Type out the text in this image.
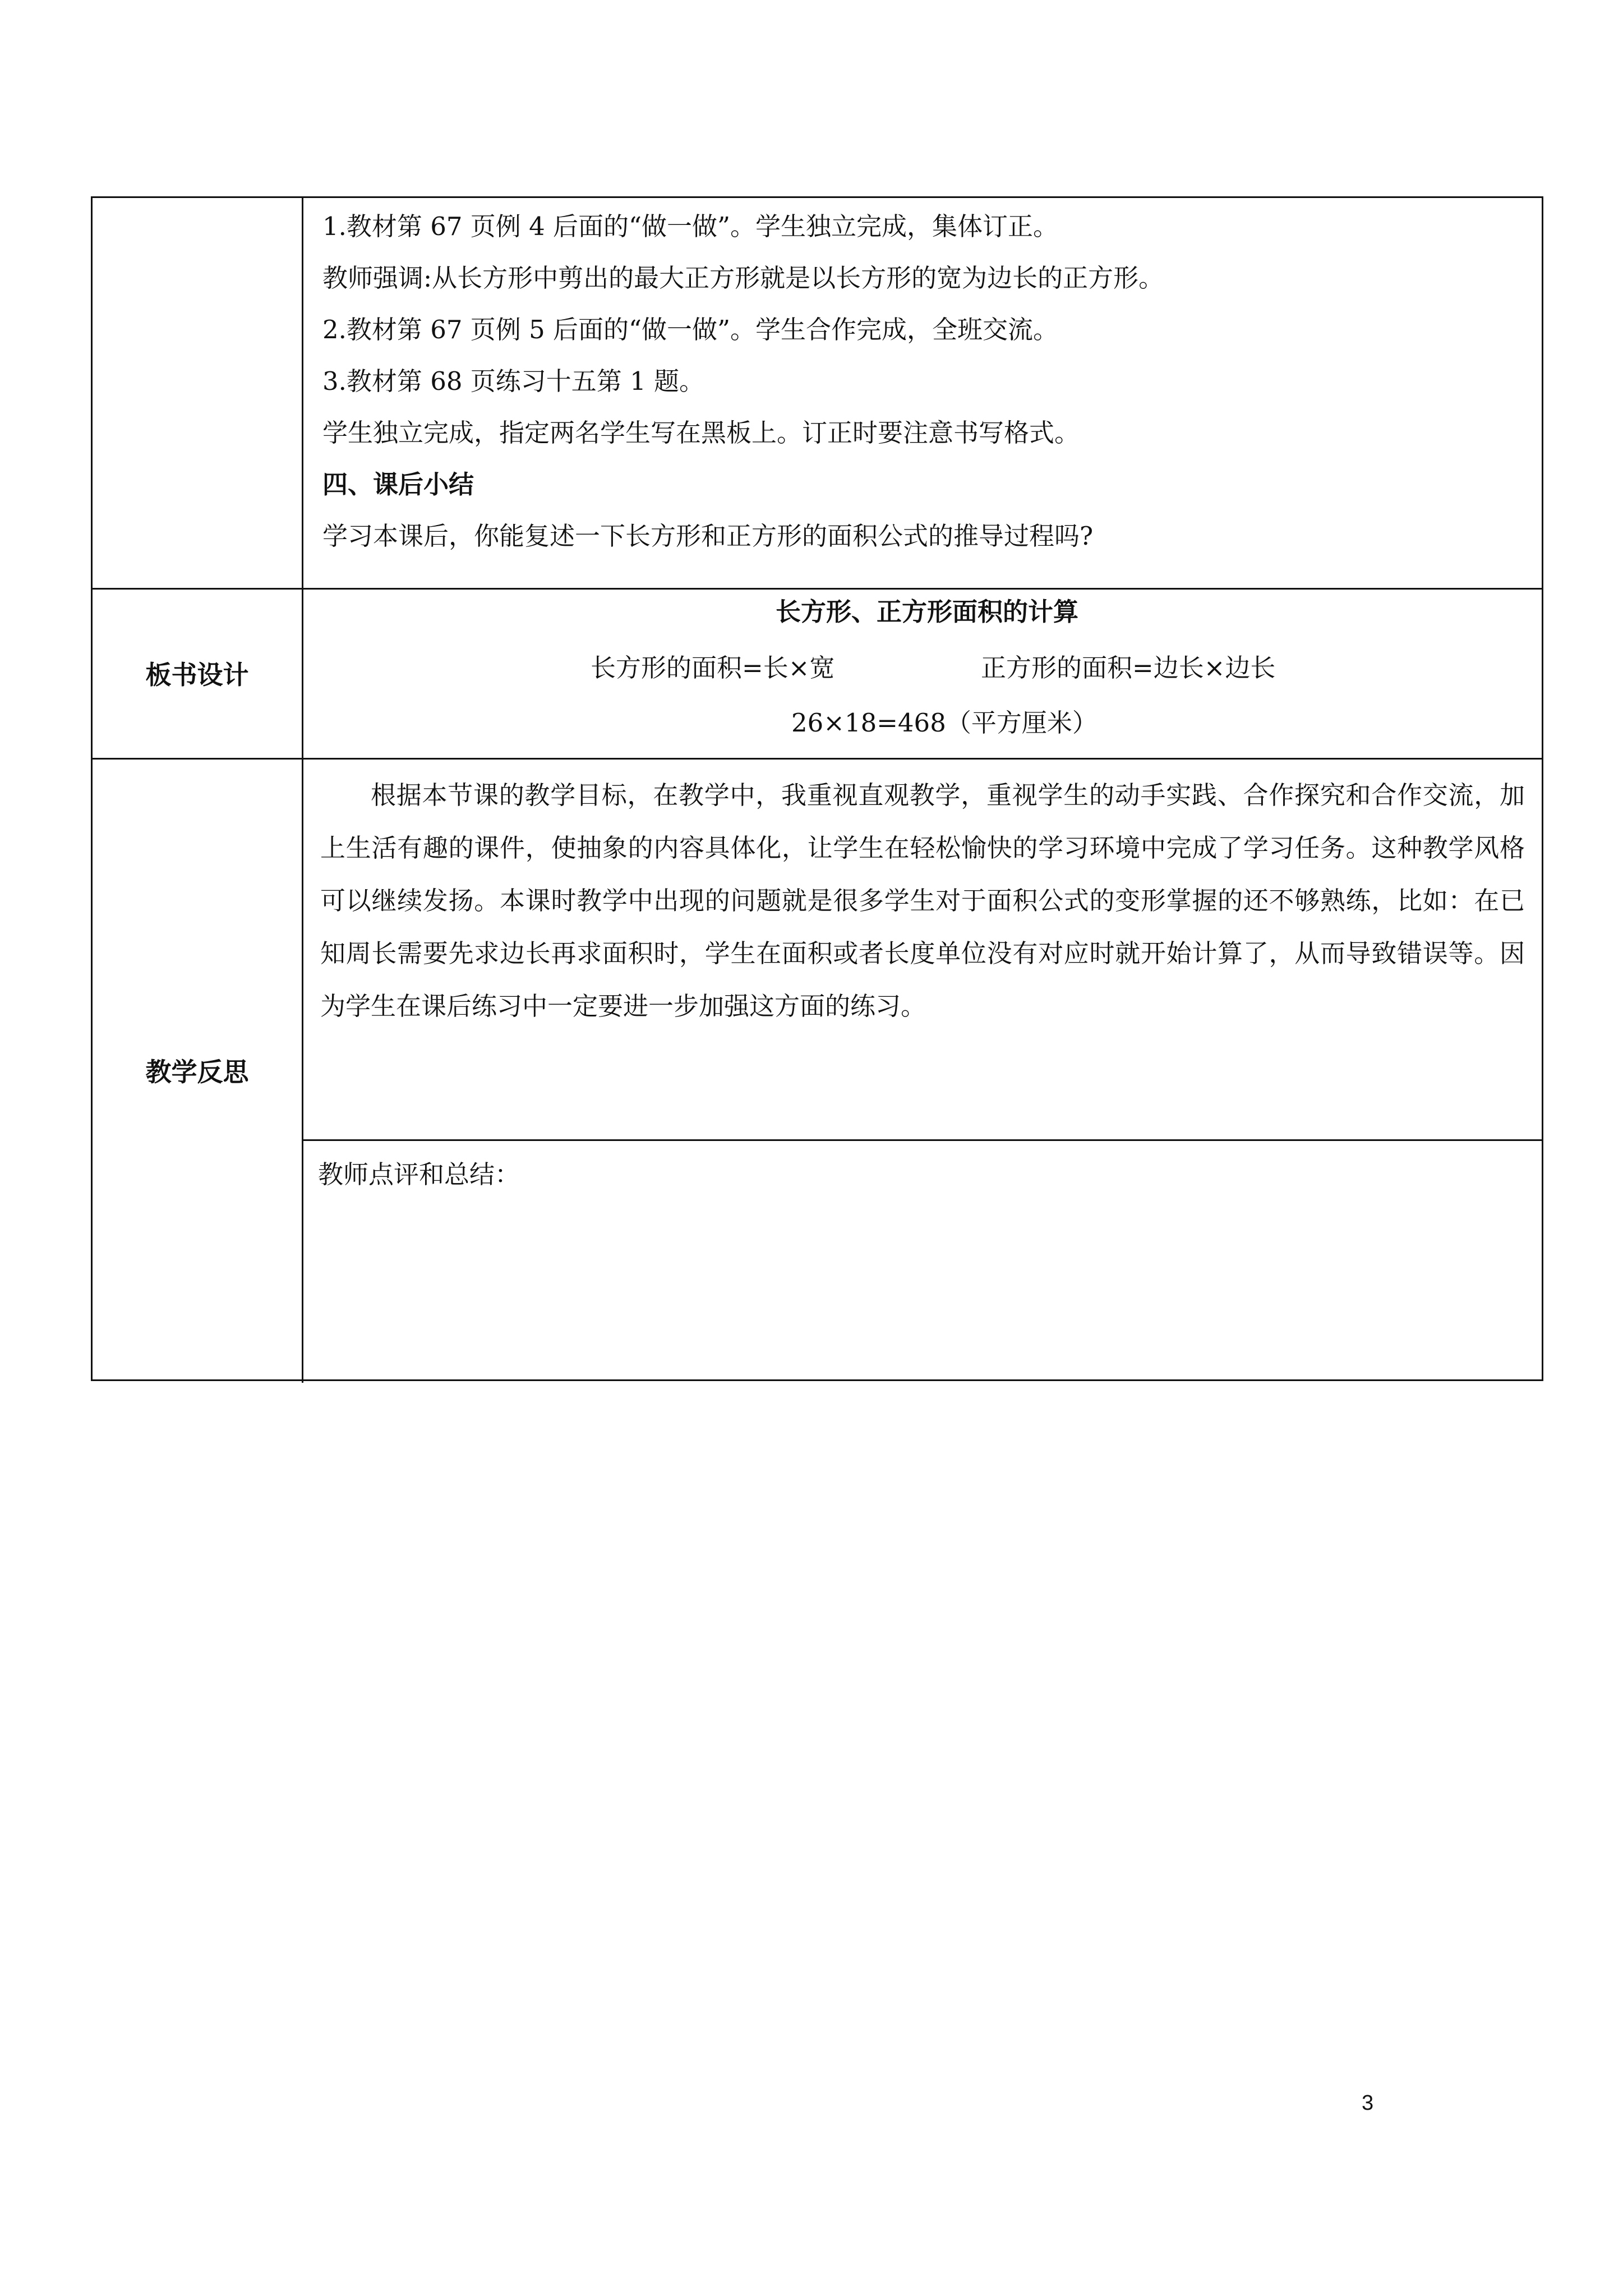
1.教材第 67 页例 4 后面的“做一做”。学生独立完成，集体订正。
教师强调:从长方形中剪出的最大正方形就是以长方形的宽为边长的正方形。
2.教材第 67 页例 5 后面的“做一做”。学生合作完成，全班交流。
3.教材第 68 页练习十五第 1 题。
学生独立完成，指定两名学生写在黑板上。订正时要注意书写格式。
四、课后小结
学习本课后，你能复述一下长方形和正方形的面积公式的推导过程吗?
板书设计
长方形、正方形面积的计算
长方形的面积=长×宽	正方形的面积=边长×边长
26×18=468（平方厘米）
教学反思
根据本节课的教学目标，在教学中，我重视直观教学，重视学生的动手实践、合作探究和合作交流，加上生活有趣的课件，使抽象的内容具体化，让学生在轻松愉快的学习环境中完成了学习任务。这种教学风格可以继续发扬。本课时教学中出现的问题就是很多学生对于面积公式的变形掌握的还不够熟练，比如：在已知周长需要先求边长再求面积时，学生在面积或者长度单位没有对应时就开始计算了，从而导致错误等。因为学生在课后练习中一定要进一步加强这方面的练习。
教师点评和总结：
3
